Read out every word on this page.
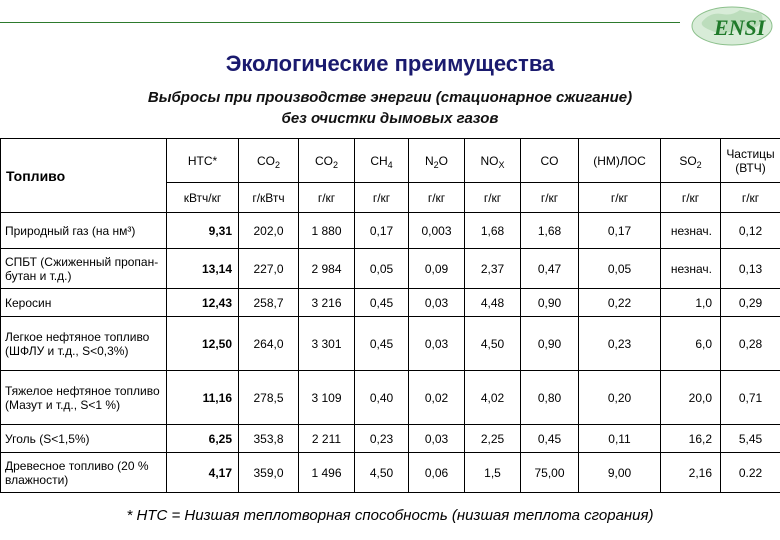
ENSI
Экологические преимущества
Выбросы при производстве энергии (стационарное сжигание)
без очистки дымовых газов
Топливо	НТС*	$CO_2$	$CO_2$	$CH_4$	$N_2O$	$NO_X$	CO	(НМ)ЛОС	$SO_2$	Частицы (ВТЧ)
	кВтч/кг	г/кВтч	г/кг	г/кг	г/кг	г/кг	г/кг	г/кг	г/кг	г/кг
Природный газ (на нм³)	9,31	202,0	1 880	0,17	0,003	1,68	1,68	0,17	незнач.	0,12
СПБТ (Сжиженный пропан-бутан и т.д.)	13,14	227,0	2 984	0,05	0,09	2,37	0,47	0,05	незнач.	0,13
Керосин	12,43	258,7	3 216	0,45	0,03	4,48	0,90	0,22	1,0	0,29
Легкое нефтяное топливо (ШФЛУ и т.д., S<0,3%)	12,50	264,0	3 301	0,45	0,03	4,50	0,90	0,23	6,0	0,28
Тяжелое нефтяное топливо (Мазут и т.д., S<1 %)	11,16	278,5	3 109	0,40	0,02	4,02	0,80	0,20	20,0	0,71
Уголь (S<1,5%)	6,25	353,8	2 211	0,23	0,03	2,25	0,45	0,11	16,2	5,45
Древесное топливо (20 % влажности)	4,17	359,0	1 496	4,50	0,06	1,5	75,00	9,00	2,16	0.22
* НТС = Низшая теплотворная способность (низшая теплота сгорания)
